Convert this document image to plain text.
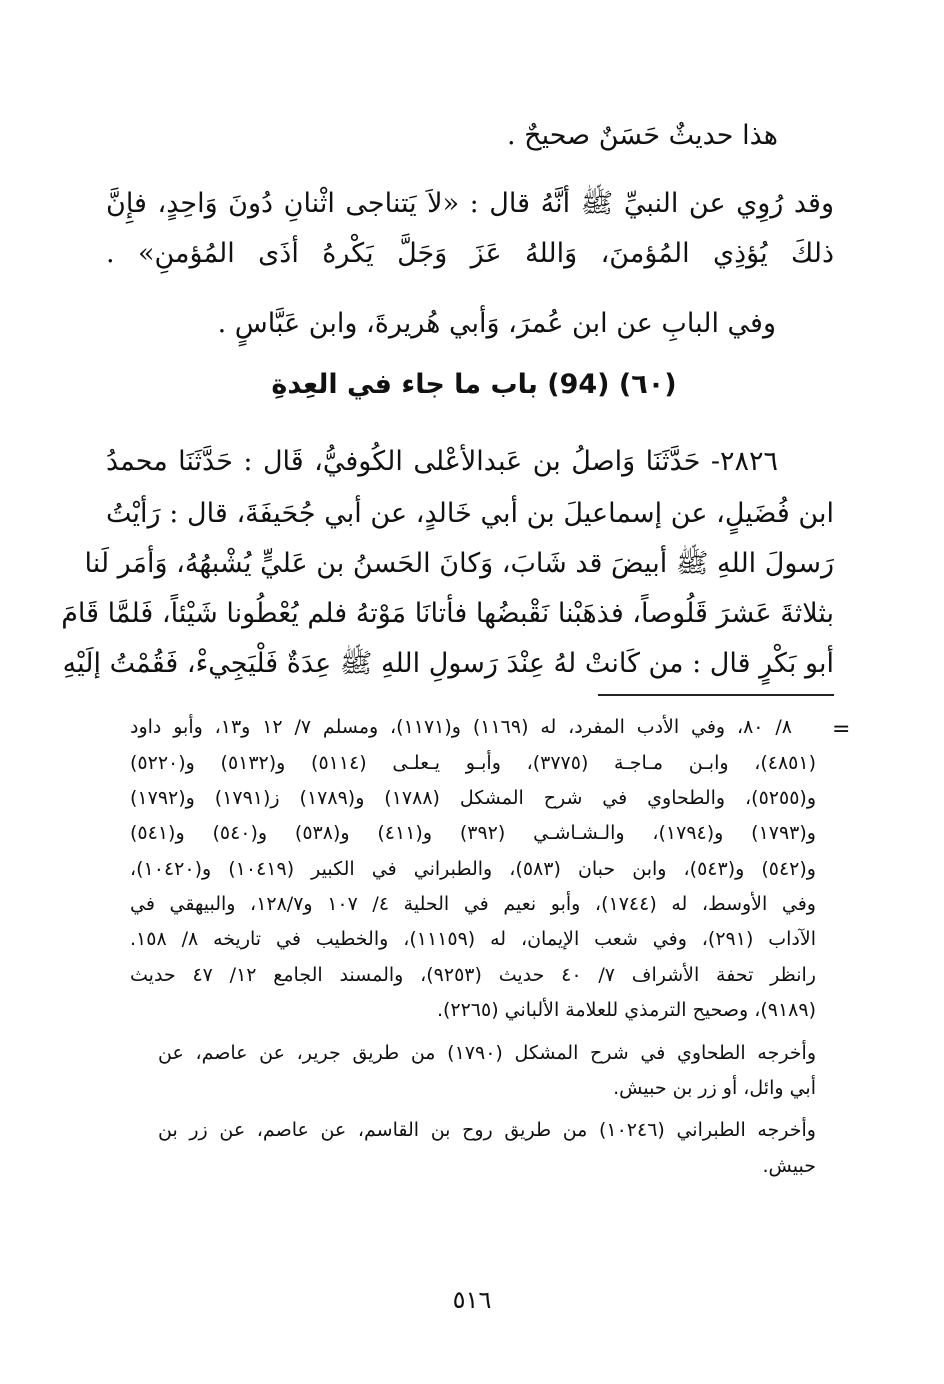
هذا حديثٌ حَسَنٌ صحيحٌ .
وقد رُوِي عن النبيِّ ﷺ أنَّهُ قال : «لاَ يَتناجى اثْنانِ دُونَ وَاحِدٍ، فإِنَّ
ذلكَ يُؤذِي المُؤمنَ، وَاللهُ عَزَ وَجَلَّ يَكْرهُ أذَى المُؤمنِ» .
وفي البابِ عن ابن عُمرَ، وَأبي هُريرةَ، وابن عَبَّاسٍ .
(٦٠) (94) باب ما جاء في العِدةِ
٢٨٢٦- حَدَّثَنَا وَاصلُ بن عَبدالأعْلى الكُوفيُّ، قَال : حَدَّثَنَا محمدُ
ابن فُضَيلٍ، عن إسماعيلَ بن أبي خَالدٍ، عن أبي جُحَيفَةَ، قال : رَأيْتُ
رَسولَ اللهِ ﷺ أبيضَ قد شَابَ، وَكانَ الحَسنُ بن عَليٍّ يُشْبهُهُ، وَأمَر لَنا
بثلاثةَ عَشرَ قَلُوصاً، فذهَبْنا نَقْبضُها فأتانَا مَوْتهُ فلم يُعْطُونا شَيْئاً، فَلمَّا قَامَ
أبو بَكْرٍ قال : من كَانتْ لهُ عِنْدَ رَسولِ اللهِ ﷺ عِدَةٌ فَلْيَجِيءْ، فَقُمْتُ إلَيْهِ
=
٨/ ٨٠، وفي الأدب المفرد، له (١١٦٩) و(١١٧١)، ومسلم ٧/ ١٢ و١٣، وأبو داود
(٤٨٥١)، وابـن مـاجـة (٣٧٧٥)، وأبـو يـعلـى (٥١١٤) و(٥١٣٢) و(٥٢٢٠)
و(٥٢٥٥)، والطحاوي في شرح المشكل (١٧٨٨) و(١٧٨٩) ز(١٧٩١) و(١٧٩٢)
و(١٧٩٣) و(١٧٩٤)، والـشـاشـي (٣٩٢) و(٤١١) و(٥٣٨) و(٥٤٠) و(٥٤١)
و(٥٤٢) و(٥٤٣)، وابن حبان (٥٨٣)، والطبراني في الكبير (١٠٤١٩) و(١٠٤٢٠)،
وفي الأوسط، له (١٧٤٤)، وأبو نعيم في الحلية ٤/ ١٠٧ و١٢٨/٧، والبيهقي في
الآداب (٢٩١)، وفي شعب الإيمان، له (١١١٥٩)، والخطيب في تاريخه ٨/ ١٥٨.
رانظر تحفة الأشراف ٧/ ٤٠ حديث (٩٢٥٣)، والمسند الجامع ١٢/ ٤٧ حديث
(٩١٨٩)، وصحيح الترمذي للعلامة الألباني (٢٢٦٥).
وأخرجه الطحاوي في شرح المشكل (١٧٩٠) من طريق جرير، عن عاصم، عن
أبي وائل، أو زر بن حبيش.
وأخرجه الطبراني (١٠٢٤٦) من طريق روح بن القاسم، عن عاصم، عن زر بن
حبيش.
٥١٦
